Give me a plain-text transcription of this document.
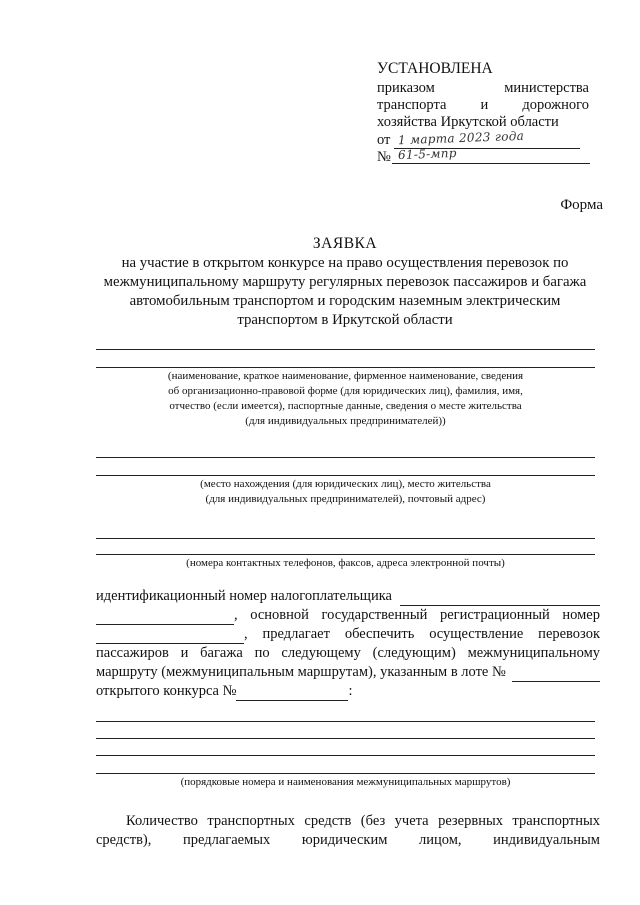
УСТАНОВЛЕНА
приказом	министерства
транспорта и дорожного
хозяйства Иркутской области
от 1 марта 2023 года
№ 61-5-мпр
Форма
ЗАЯВКА
на участие в открытом конкурсе на право осуществления перевозок по
межмуниципальному маршруту регулярных перевозок пассажиров и багажа
автомобильным транспортом и городским наземным электрическим
транспортом в Иркутской области
(наименование, краткое наименование, фирменное наименование, сведения
об организационно-правовой форме (для юридических лиц), фамилия, имя,
отчество (если имеется), паспортные данные, сведения о месте жительства
(для индивидуальных предпринимателей))
(место нахождения (для юридических лиц), место жительства
(для индивидуальных предпринимателей), почтовый адрес)
(номера контактных телефонов, факсов, адреса электронной почты)
идентификационный номер налогоплательщика
, основной государственный регистрационный номер
, предлагает обеспечить осуществление перевозок
пассажиров и багажа по следующему (следующим) межмуниципальному
маршруту (межмуниципальным маршрутам), указанным в лоте №
открытого конкурса №	:
(порядковые номера и наименования межмуниципальных маршрутов)
Количество транспортных средств (без учета резервных транспортных
средств), предлагаемых юридическим лицом, индивидуальным
